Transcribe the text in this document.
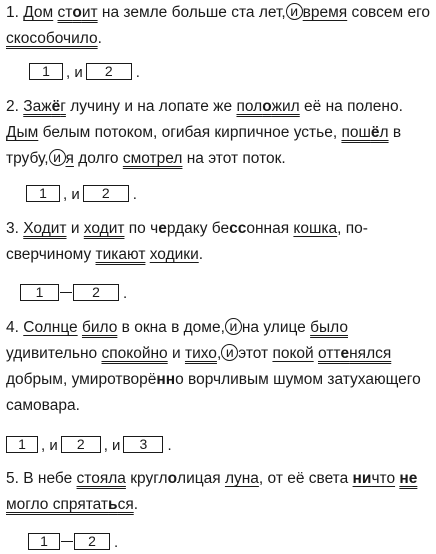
1. Дом стоит на земле больше ста лет, и время совсем его скособочило.

1	, и	2	.

2. Зажёг лучину и на лопате же положил её на полено. Дым белым потоком, огибая кирпичное устье, пошёл в трубу, и я долго смотрел на этот поток.

1	, и	2	.

3. Ходит и ходит по чердаку бессонная кошка, по-сверчиному тикают ходики.

1	2	.

4. Солнце било в окна в доме, и на улице было удивительно спокойно и тихо, и этот покой оттенялся добрым, умиротворённо ворчливым шумом затухающего самовара.

1	, и	2	, и	3	.

5. В небе стояла круглолицая луна, от её света ничто не могло спрятаться.

1	2	.
